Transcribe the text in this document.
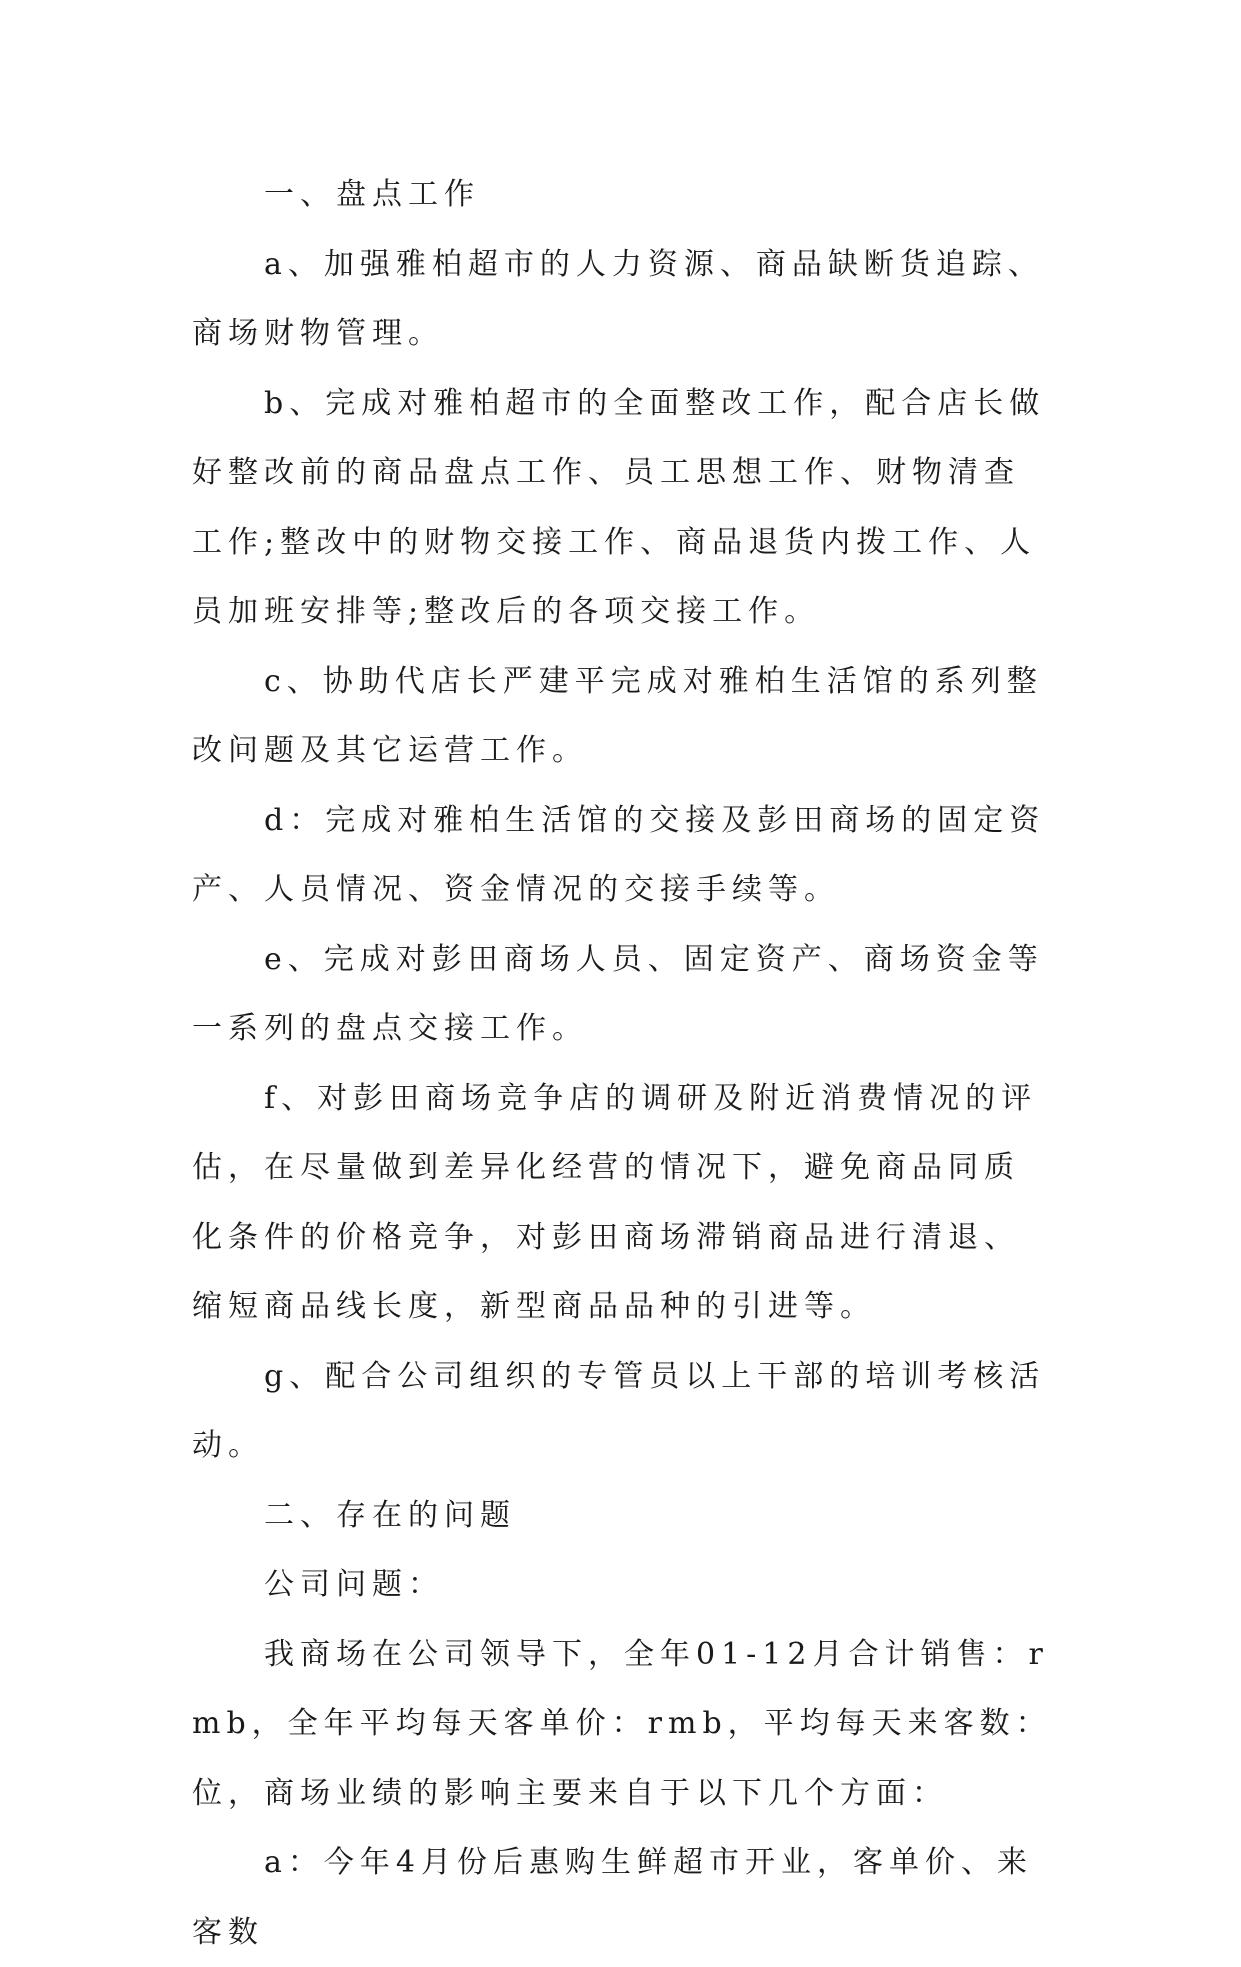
一、盘点工作

a、加强雅柏超市的人力资源、商品缺断货追踪、商场财物管理。

b、完成对雅柏超市的全面整改工作，配合店长做好整改前的商品盘点工作、员工思想工作、财物清查工作;整改中的财物交接工作、商品退货内拨工作、人员加班安排等;整改后的各项交接工作。

c、协助代店长严建平完成对雅柏生活馆的系列整改问题及其它运营工作。

d：完成对雅柏生活馆的交接及彭田商场的固定资产、人员情况、资金情况的交接手续等。

e、完成对彭田商场人员、固定资产、商场资金等一系列的盘点交接工作。

f、对彭田商场竞争店的调研及附近消费情况的评估，在尽量做到差异化经营的情况下，避免商品同质化条件的价格竞争，对彭田商场滞销商品进行清退、缩短商品线长度，新型商品品种的引进等。

g、配合公司组织的专管员以上干部的培训考核活动。

二、存在的问题

公司问题：

我商场在公司领导下，全年01-12月合计销售：rmb，全年平均每天客单价：rmb，平均每天来客数：位，商场业绩的影响主要来自于以下几个方面：

a：今年4月份后惠购生鲜超市开业，客单价、来客数
